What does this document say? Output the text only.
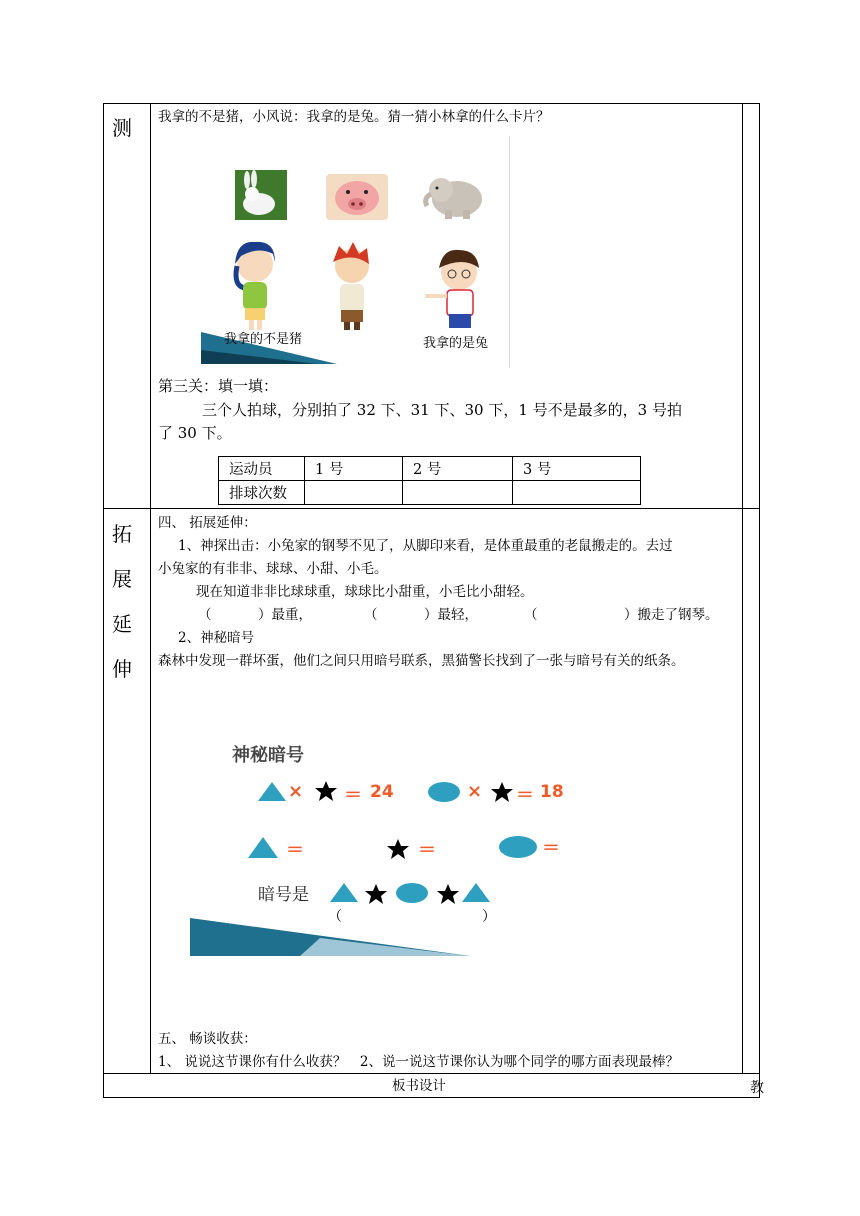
测
拓
展
延
伸
我拿的不是猪，小风说：我拿的是兔。猜一猜小林拿的什么卡片？
我拿的不是猪	我拿的是兔
第三关：填一填：
三个人拍球，分别拍了 32 下、31 下、30 下，1 号不是最多的，3 号拍
了 30 下。
运动员	1 号	2 号	3 号
排球次数			
四、 拓展延伸：
1、神探出击：小兔家的钢琴不见了，从脚印来看，是体重最重的老鼠搬走的。去过
小兔家的有非非、球球、小甜、小毛。
现在知道非非比球球重，球球比小甜重，小毛比小甜轻。
（	）最重，	（	）最轻，	（	）搬走了钢琴。
2、神秘暗号
森林中发现一群坏蛋，他们之间只用暗号联系，黑猫警长找到了一张与暗号有关的纸条。
神秘暗号
× ＝ 24	× ＝ 18
＝	＝	＝
暗号是
（	）
五、 畅谈收获：
1、 说说这节课你有什么收获？　2、说一说这节课你认为哪个同学的哪方面表现最棒？
板书设计	教
